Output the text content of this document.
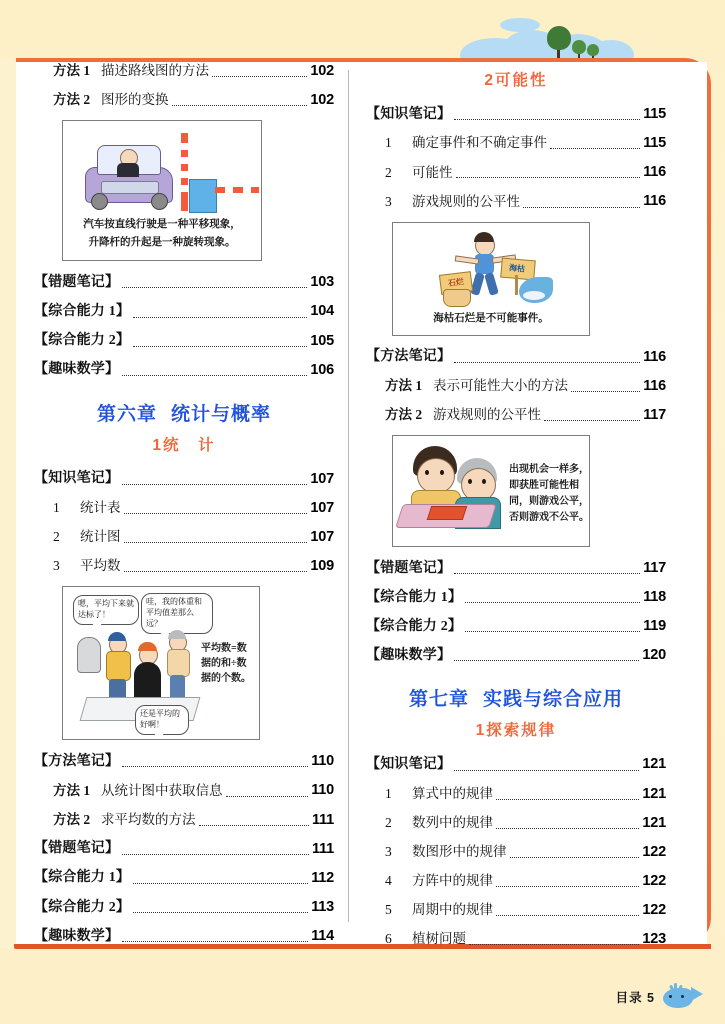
方法 1 描述路线图的方法	102
方法 2 图形的变换	102
汽车按直线行驶是一种平移现象，
升降杆的升起是一种旋转现象。
【错题笔记】	103
【综合能力 1】	104
【综合能力 2】	105
【趣味数学】	106
第六章 统计与概率
1统　计
【知识笔记】	107
1	统计表	107
2	统计图	107
3	平均数	109
嗯，平均下来就达标了！
哇，我的体重和平均值差那么远？
平均数=数据的和÷数据的个数。
还是平均的好啊！
【方法笔记】	110
方法 1 从统计图中获取信息	110
方法 2 求平均数的方法	111
【错题笔记】	111
【综合能力 1】	112
【综合能力 2】	113
【趣味数学】	114
2可能性
【知识笔记】	115
1	确定事件和不确定事件	115
2	可能性	116
3	游戏规则的公平性	116
石烂
海枯
海枯石烂是不可能事件。
【方法笔记】	116
方法 1 表示可能性大小的方法	116
方法 2 游戏规则的公平性	117
出现机会一样多，
即获胜可能性相
同，则游戏公平，
否则游戏不公平。
【错题笔记】	117
【综合能力 1】	118
【综合能力 2】	119
【趣味数学】	120
第七章 实践与综合应用
1探索规律
【知识笔记】	121
1	算式中的规律	121
2	数列中的规律	121
3	数图形中的规律	122
4	方阵中的规律	122
5	周期中的规律	122
6	植树问题	123
目录 5
